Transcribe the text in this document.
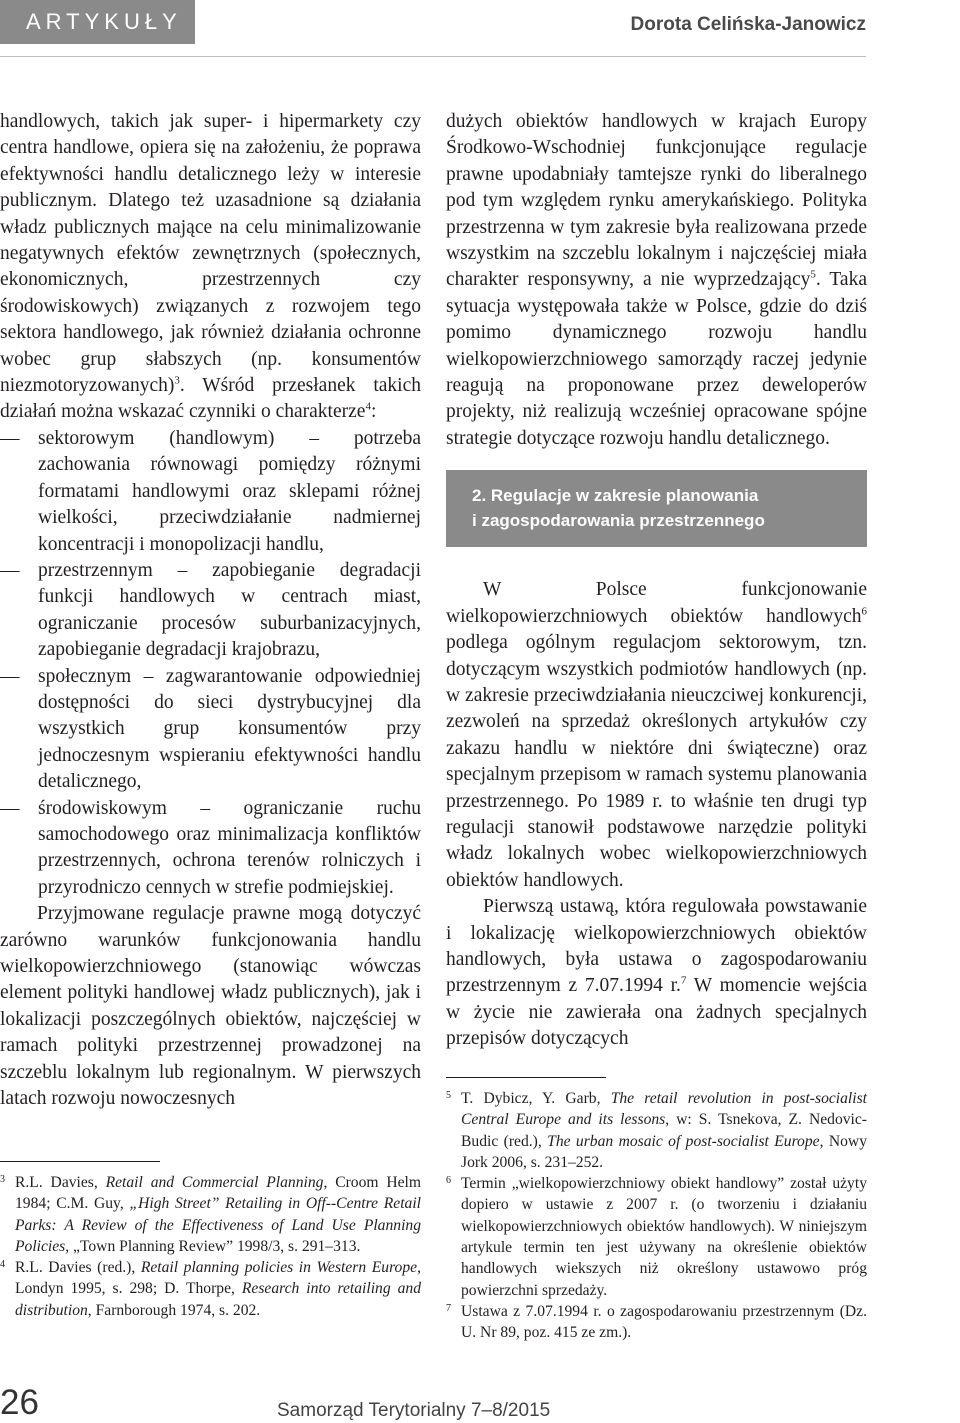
ARTYKUŁY	Dorota Celińska-Janowicz

handlowych, takich jak super- i hipermarkety czy centra handlowe, opiera się na założeniu, że poprawa efektywności handlu detalicznego leży w interesie publicznym. Dlatego też uzasadnione są działania władz publicznych mające na celu minimalizowanie negatywnych efektów zewnętrznych (społecznych, ekonomicznych, przestrzennych czy środowiskowych) związanych z rozwojem tego sektora handlowego, jak również działania ochronne wobec grup słabszych (np. konsumentów niezmotoryzowanych)$^3$. Wśród przesłanek takich działań można wskazać czynniki o charakterze$^4$:

— sektorowym (handlowym) – potrzeba zachowania równowagi pomiędzy różnymi formatami handlowymi oraz sklepami różnej wielkości, przeciwdziałanie nadmiernej koncentracji i monopolizacji handlu,
— przestrzennym – zapobieganie degradacji funkcji handlowych w centrach miast, ograniczanie procesów suburbanizacyjnych, zapobieganie degradacji krajobrazu,
— społecznym – zagwarantowanie odpowiedniej dostępności do sieci dystrybucyjnej dla wszystkich grup konsumentów przy jednoczesnym wspieraniu efektywności handlu detalicznego,
— środowiskowym – ograniczanie ruchu samochodowego oraz minimalizacja konfliktów przestrzennych, ochrona terenów rolniczych i przyrodniczo cennych w strefie podmiejskiej.

Przyjmowane regulacje prawne mogą dotyczyć zarówno warunków funkcjonowania handlu wielkopowierzchniowego (stanowiąc wówczas element polityki handlowej władz publicznych), jak i lokalizacji poszczególnych obiektów, najczęściej w ramach polityki przestrzennej prowadzonej na szczeblu lokalnym lub regionalnym. W pierwszych latach rozwoju nowoczesnych

dużych obiektów handlowych w krajach Europy Środkowo-Wschodniej funkcjonujące regulacje prawne upodabniały tamtejsze rynki do liberalnego pod tym względem rynku amerykańskiego. Polityka przestrzenna w tym zakresie była realizowana przede wszystkim na szczeblu lokalnym i najczęściej miała charakter responsywny, a nie wyprzedzający$^5$. Taka sytuacja występowała także w Polsce, gdzie do dziś pomimo dynamicznego rozwoju handlu wielkopowierzchniowego samorządy raczej jedynie reagują na proponowane przez deweloperów projekty, niż realizują wcześniej opracowane spójne strategie dotyczące rozwoju handlu detalicznego.

2. Regulacje w zakresie planowania
i zagospodarowania przestrzennego

W Polsce funkcjonowanie wielkopowierzchniowych obiektów handlowych$^6$ podlega ogólnym regulacjom sektorowym, tzn. dotyczącym wszystkich podmiotów handlowych (np. w zakresie przeciwdziałania nieuczciwej konkurencji, zezwoleń na sprzedaż określonych artykułów czy zakazu handlu w niektóre dni świąteczne) oraz specjalnym przepisom w ramach systemu planowania przestrzennego. Po 1989 r. to właśnie ten drugi typ regulacji stanowił podstawowe narzędzie polityki władz lokalnych wobec wielkopowierzchniowych obiektów handlowych.

Pierwszą ustawą, która regulowała powstawanie i lokalizację wielkopowierzchniowych obiektów handlowych, była ustawa o zagospodarowaniu przestrzennym z 7.07.1994 r.$^7$ W momencie wejścia w życie nie zawierała ona żadnych specjalnych przepisów dotyczących

3 R.L. Davies, Retail and Commercial Planning, Croom Helm 1984; C.M. Guy, „High Street” Retailing in Off--Centre Retail Parks: A Review of the Effectiveness of Land Use Planning Policies, „Town Planning Review” 1998/3, s. 291–313.
4 R.L. Davies (red.), Retail planning policies in Western Europe, Londyn 1995, s. 298; D. Thorpe, Research into retailing and distribution, Farnborough 1974, s. 202.
5 T. Dybicz, Y. Garb, The retail revolution in post-socialist Central Europe and its lessons, w: S. Tsnekova, Z. Nedovic-Budic (red.), The urban mosaic of post-socialist Europe, Nowy Jork 2006, s. 231–252.
6 Termin „wielkopowierzchniowy obiekt handlowy” został użyty dopiero w ustawie z 2007 r. (o tworzeniu i działaniu wielkopowierzchniowych obiektów handlowych). W niniejszym artykule termin ten jest używany na określenie obiektów handlowych wiekszych niż określony ustawowo próg powierzchni sprzedaży.
7 Ustawa z 7.07.1994 r. o zagospodarowaniu przestrzennym (Dz. U. Nr 89, poz. 415 ze zm.).
26	Samorząd Terytorialny 7–8/2015
